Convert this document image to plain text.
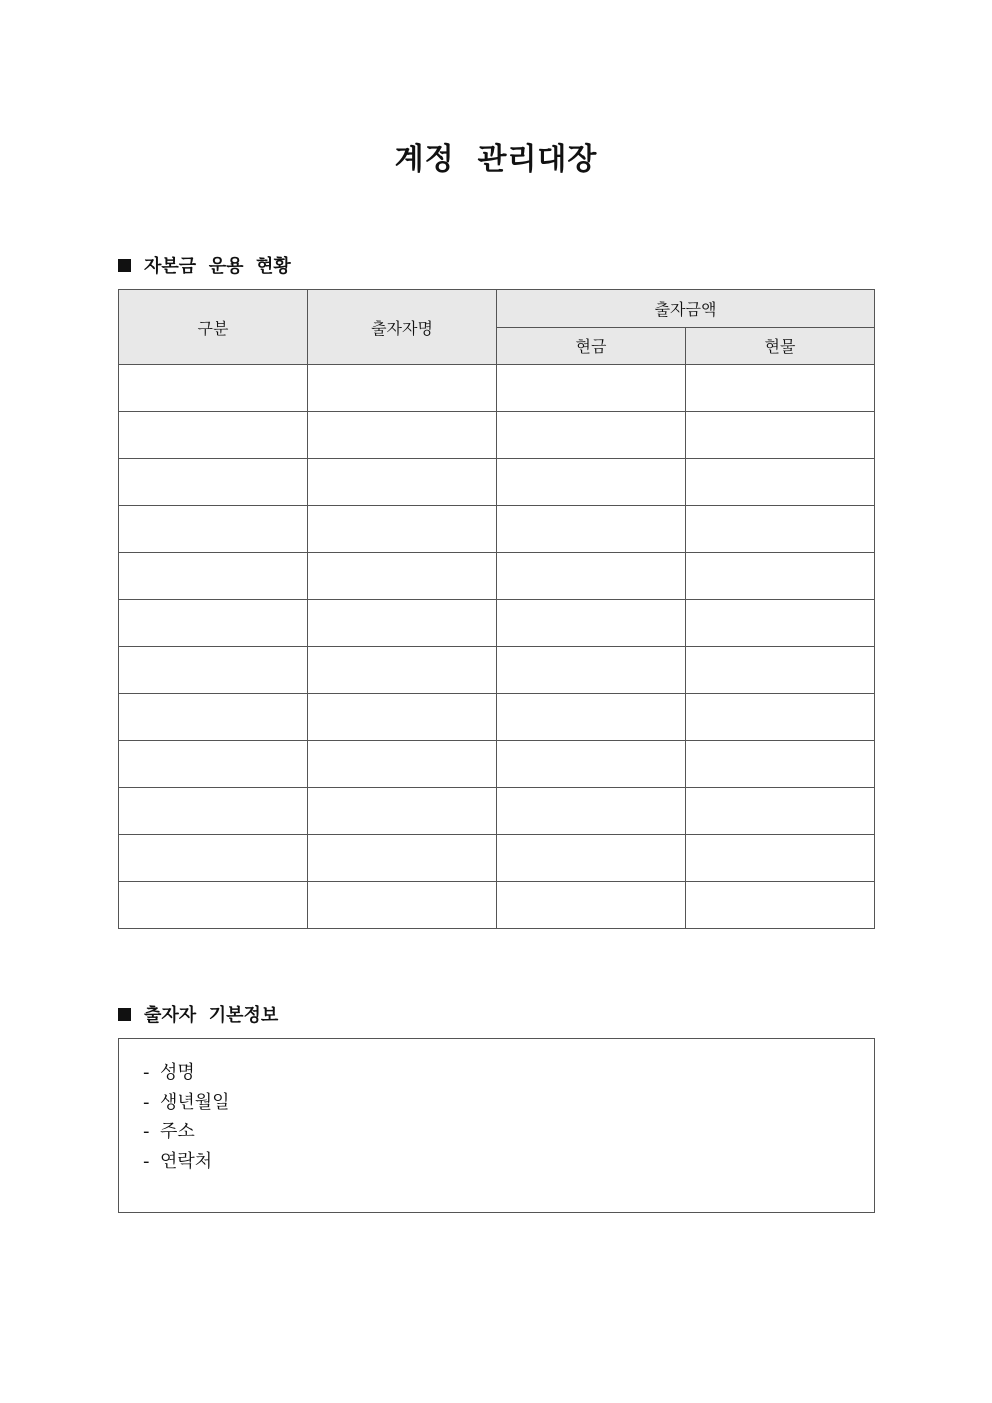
계정  관리대장
자본금  운용  현황
구분	출자자명	출자금액	
		현금	현물

출자자  기본정보
- 성명
- 생년월일
- 주소
- 연락처
